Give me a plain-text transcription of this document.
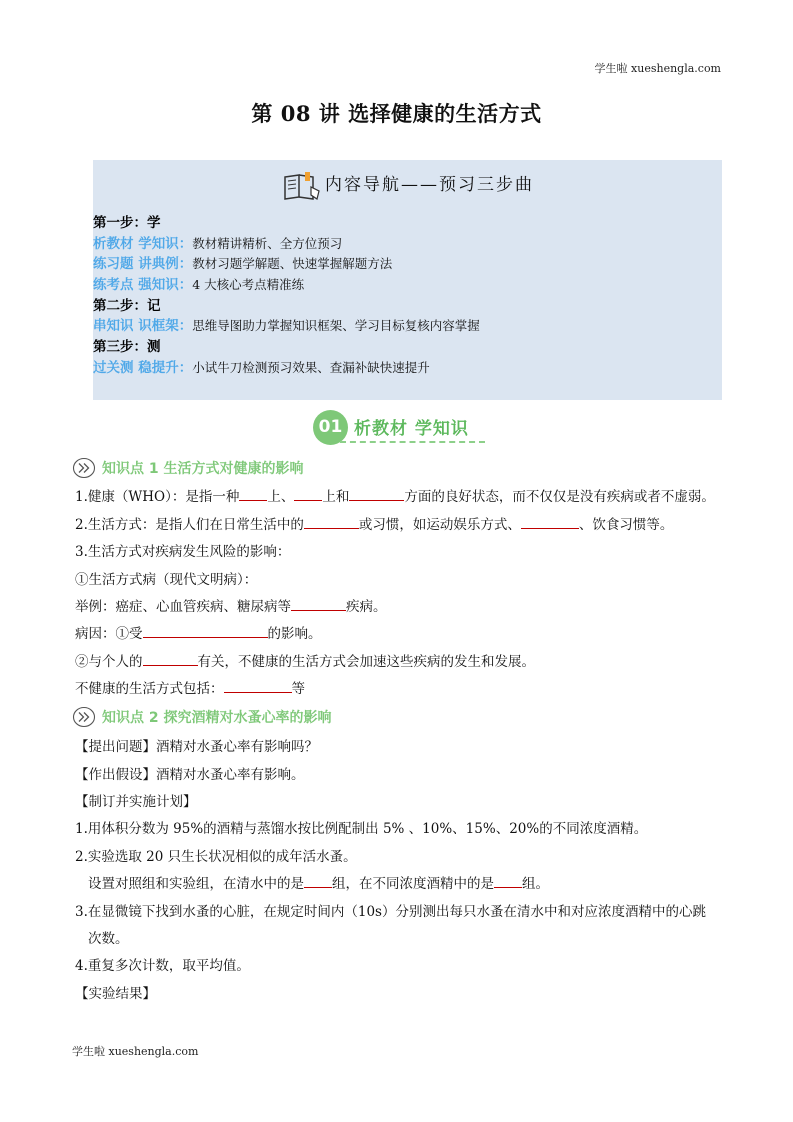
学生啦 xueshengla.com
第 08 讲 选择健康的生活方式
内容导航——预习三步曲
第一步：学
析教材 学知识：教材精讲精析、全方位预习
练习题 讲典例：教材习题学解题、快速掌握解题方法
练考点 强知识：4 大核心考点精准练
第二步：记
串知识 识框架：思维导图助力掌握知识框架、学习目标复核内容掌握
第三步：测
过关测 稳提升：小试牛刀检测预习效果、查漏补缺快速提升
01 析教材 学知识
知识点 1 生活方式对健康的影响
1.健康（WHO）：是指一种 上、 上和	方面的良好状态，而不仅仅是没有疾病或者不虚弱。
2.生活方式：是指人们在日常生活中的	或习惯，如运动娱乐方式、	、饮食习惯等。
3.生活方式对疾病发生风险的影响：
①生活方式病（现代文明病）：
举例：癌症、心血管疾病、糖尿病等	疾病。
病因：①受	的影响。
②与个人的	有关，不健康的生活方式会加速这些疾病的发生和发展。
不健康的生活方式包括：	等
知识点 2 探究酒精对水蚤心率的影响
【提出问题】酒精对水蚤心率有影响吗？
【作出假设】酒精对水蚤心率有影响。
【制订并实施计划】
1.用体积分数为 95%的酒精与蒸馏水按比例配制出 5% 、10%、15%、20%的不同浓度酒精。
2.实验选取 20 只生长状况相似的成年活水蚤。
设置对照组和实验组，在清水中的是 组，在不同浓度酒精中的是 组。
3.在显微镜下找到水蚤的心脏，在规定时间内（10s）分别测出每只水蚤在清水中和对应浓度酒精中的心跳
次数。
4.重复多次计数，取平均值。
【实验结果】
学生啦 xueshengla.com
